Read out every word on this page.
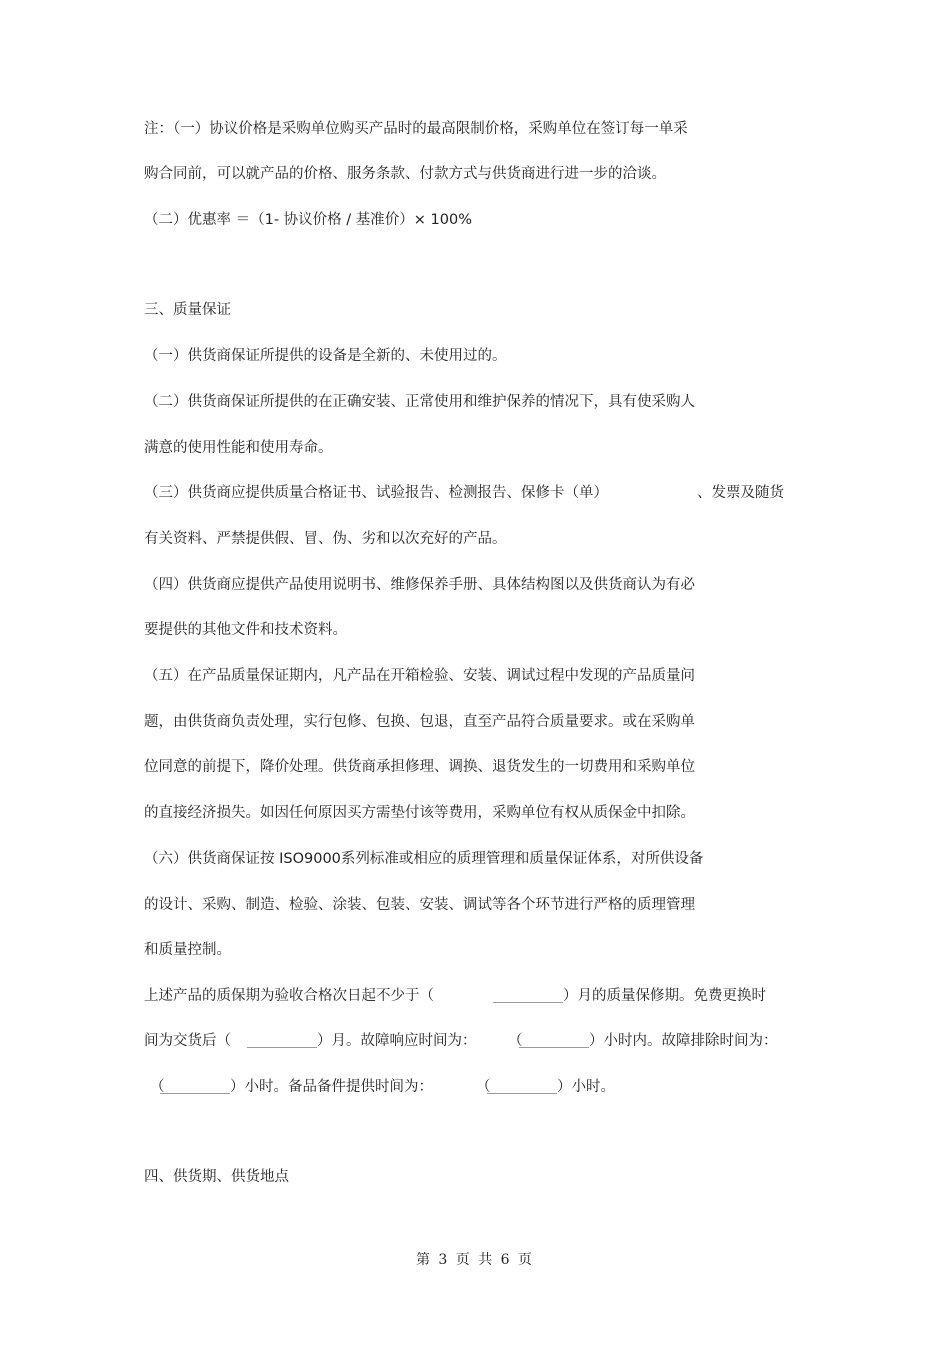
注：（一）协议价格是采购单位购买产品时的最高限制价格，采购单位在签订每一单采
购合同前，可以就产品的价格、服务条款、付款方式与供货商进行进一步的洽谈。
（二）优惠率 ＝（1- 协议价格 / 基准价）× 100%
三、质量保证
（一）供货商保证所提供的设备是全新的、未使用过的。
（二）供货商保证所提供的在正确安装、正常使用和维护保养的情况下，具有使采购人
满意的使用性能和使用寿命。
（三）供货商应提供质量合格证书、试验报告、检测报告、保修卡（单）	、发票及随货
有关资料、严禁提供假、冒、伪、劣和以次充好的产品。
（四）供货商应提供产品使用说明书、维修保养手册、具体结构图以及供货商认为有必
要提供的其他文件和技术资料。
（五）在产品质量保证期内，凡产品在开箱检验、安装、调试过程中发现的产品质量问
题，由供货商负责处理，实行包修、包换、包退，直至产品符合质量要求。或在采购单
位同意的前提下，降价处理。供货商承担修理、调换、退货发生的一切费用和采购单位
的直接经济损失。如因任何原因买方需垫付该等费用，采购单位有权从质保金中扣除。
（六）供货商保证按 ISO9000系列标准或相应的质理管理和质量保证体系，对所供设备
的设计、采购、制造、检验、涂装、包装、安装、调试等各个环节进行严格的质理管理
和质量控制。
上述产品的质保期为验收合格次日起不少于（	）月的质量保修期。免费更换时
间为交货后（	）月。故障响应时间为： （	）小时内。故障排除时间为：
（	）小时。备品备件提供时间为：	（	）小时。
四、供货期、供货地点
第 3 页 共 6 页
